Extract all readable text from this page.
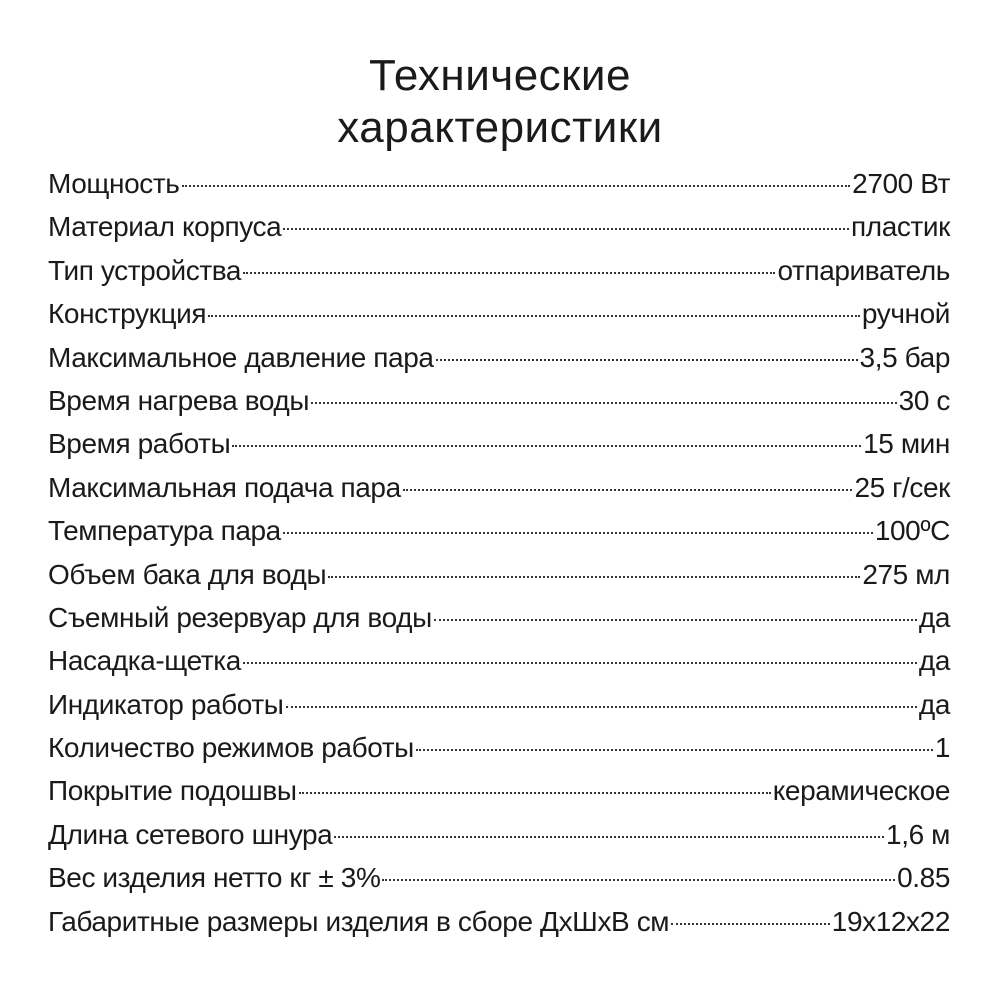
Технические
характеристики
Мощность	2700 Вт
Материал корпуса	пластик
Тип устройства	отпариватель
Конструкция	ручной
Максимальное давление пара	3,5 бар
Время нагрева воды	30 с
Время работы	15 мин
Максимальная подача пара	25 г/сек
Температура пара	100ºC
Объем бака для воды	275 мл
Съемный резервуар для воды	да
Насадка-щетка	да
Индикатор работы	да
Количество режимов работы	1
Покрытие подошвы	керамическое
Длина сетевого шнура	1,6 м
Вес изделия нетто кг ± 3%	0.85
Габаритные размеры изделия в сборе ДхШхВ см	19x12x22
